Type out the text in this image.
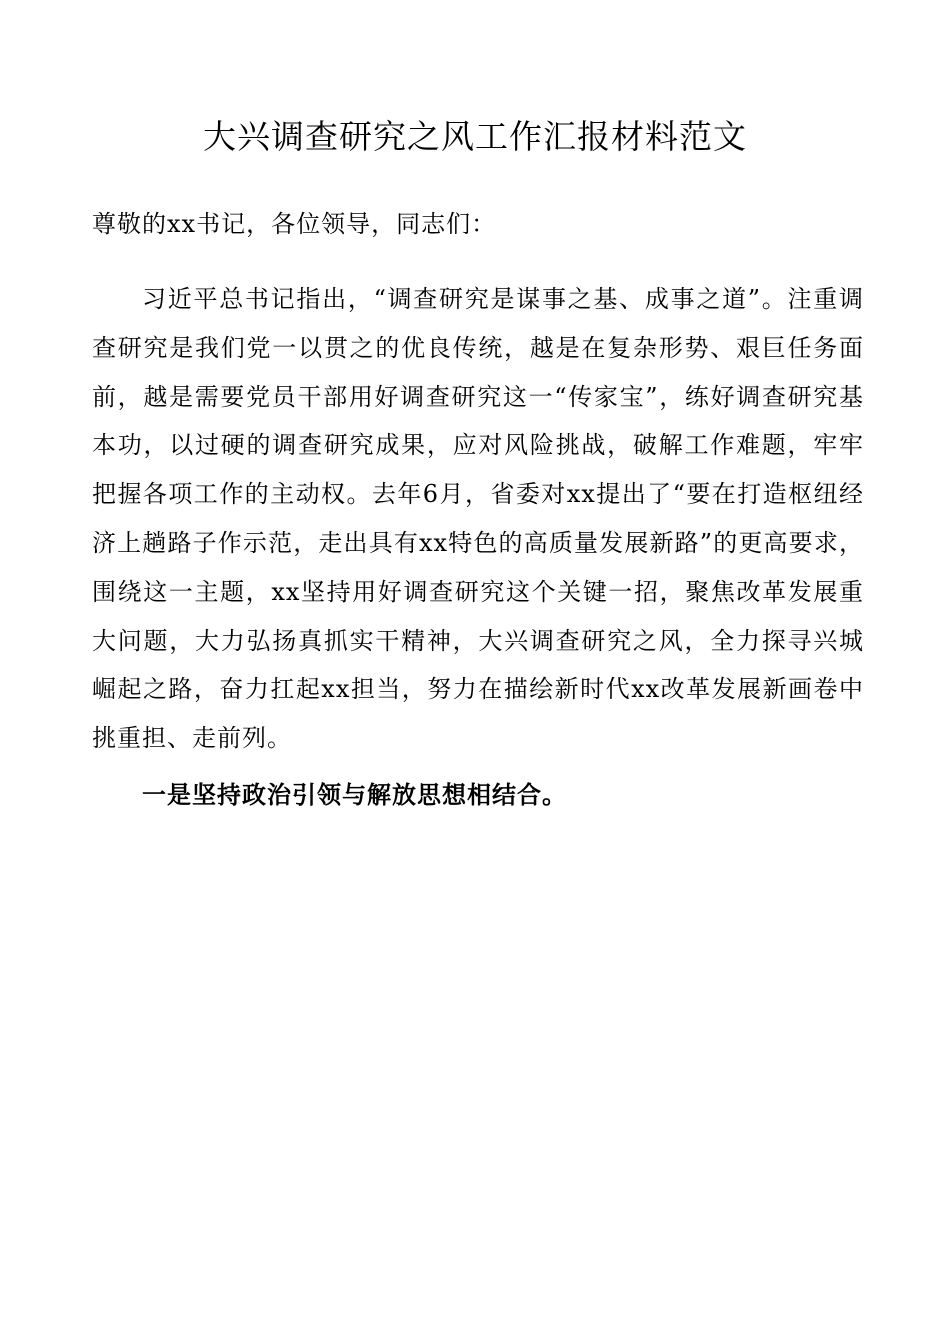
大兴调查研究之风工作汇报材料范文

尊敬的xx书记，各位领导，同志们：

习近平总书记指出，“调查研究是谋事之基、成事之道”。注重调查研究是我们党一以贯之的优良传统，越是在复杂形势、艰巨任务面前，越是需要党员干部用好调查研究这一“传家宝”，练好调查研究基本功，以过硬的调查研究成果，应对风险挑战，破解工作难题，牢牢把握各项工作的主动权。去年6月，省委对xx提出了“要在打造枢纽经济上趟路子作示范，走出具有xx特色的高质量发展新路”的更高要求，围绕这一主题，xx坚持用好调查研究这个关键一招，聚焦改革发展重大问题，大力弘扬真抓实干精神，大兴调查研究之风，全力探寻兴城崛起之路，奋力扛起xx担当，努力在描绘新时代xx改革发展新画卷中挑重担、走前列。

一是坚持政治引领与解放思想相结合。
